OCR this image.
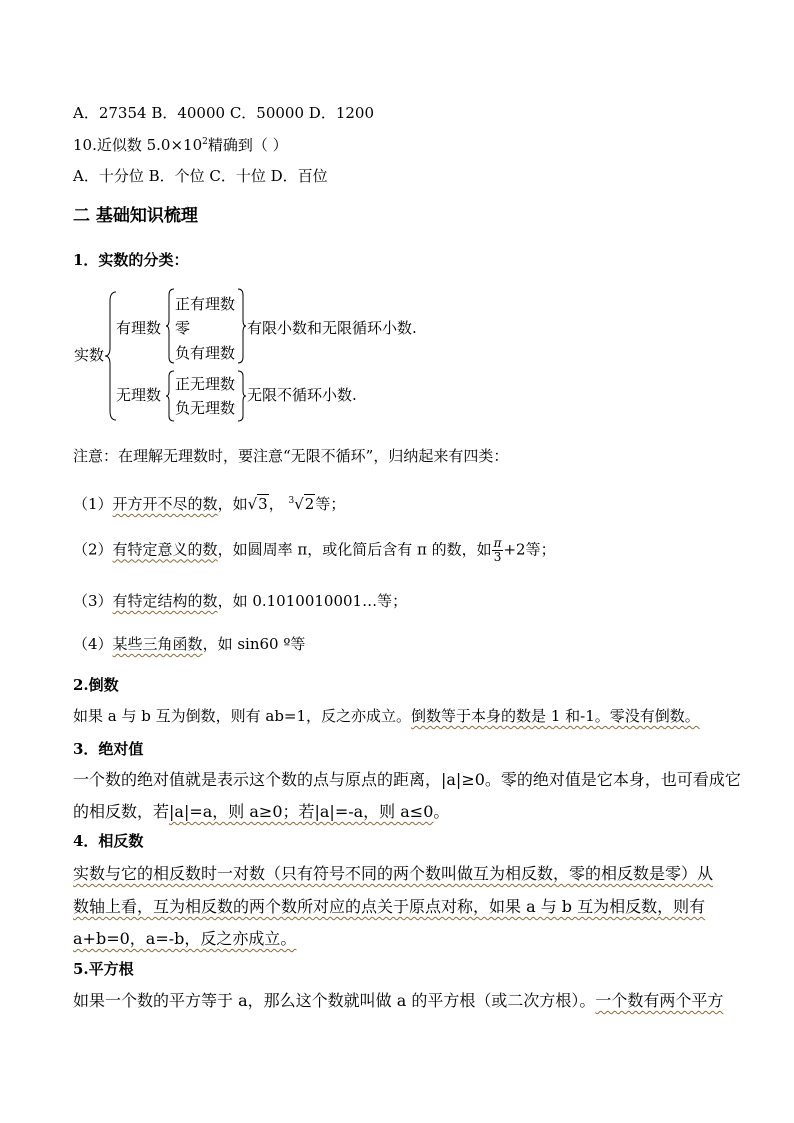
A．27354 B．40000 C．50000 D．1200
10.近似数 $5.0\times 10^2$精确到（ ）
A．十分位 B．个位 C．十位 D．百位
二 基础知识梳理
1．实数的分类：
实数
有理数
正有理数
零
负有理数
有限小数和无限循环小数.
无理数
正无理数
负无理数
无限不循环小数.
注意：在理解无理数时，要注意“无限不循环”，归纳起来有四类：
（1）开方开不尽的数，如√3， $^3$√2等；
（2）有特定意义的数，如圆周率 π，或化简后含有 π 的数，如 $\frac{\pi}{3} +2$等；
（3）有特定结构的数，如 0.1010010001…等；
（4）某些三角函数，如 sin60 º等
2.倒数
如果 a 与 b 互为倒数，则有 ab=1，反之亦成立。倒数等于本身的数是 1 和-1。零没有倒数。
3．绝对值
一个数的绝对值就是表示这个数的点与原点的距离，|a|≥0。零的绝对值是它本身，也可看成它
的相反数，若|a|=a，则 a≥0；若|a|=-a，则 a≤0。
4．相反数
实数与它的相反数时一对数（只有符号不同的两个数叫做互为相反数，零的相反数是零）从
数轴上看，互为相反数的两个数所对应的点关于原点对称，如果 a 与 b 互为相反数，则有
a+b=0，a=-b，反之亦成立。
5.平方根
如果一个数的平方等于 a，那么这个数就叫做 a 的平方根（或二次方根）。一个数有两个平方
